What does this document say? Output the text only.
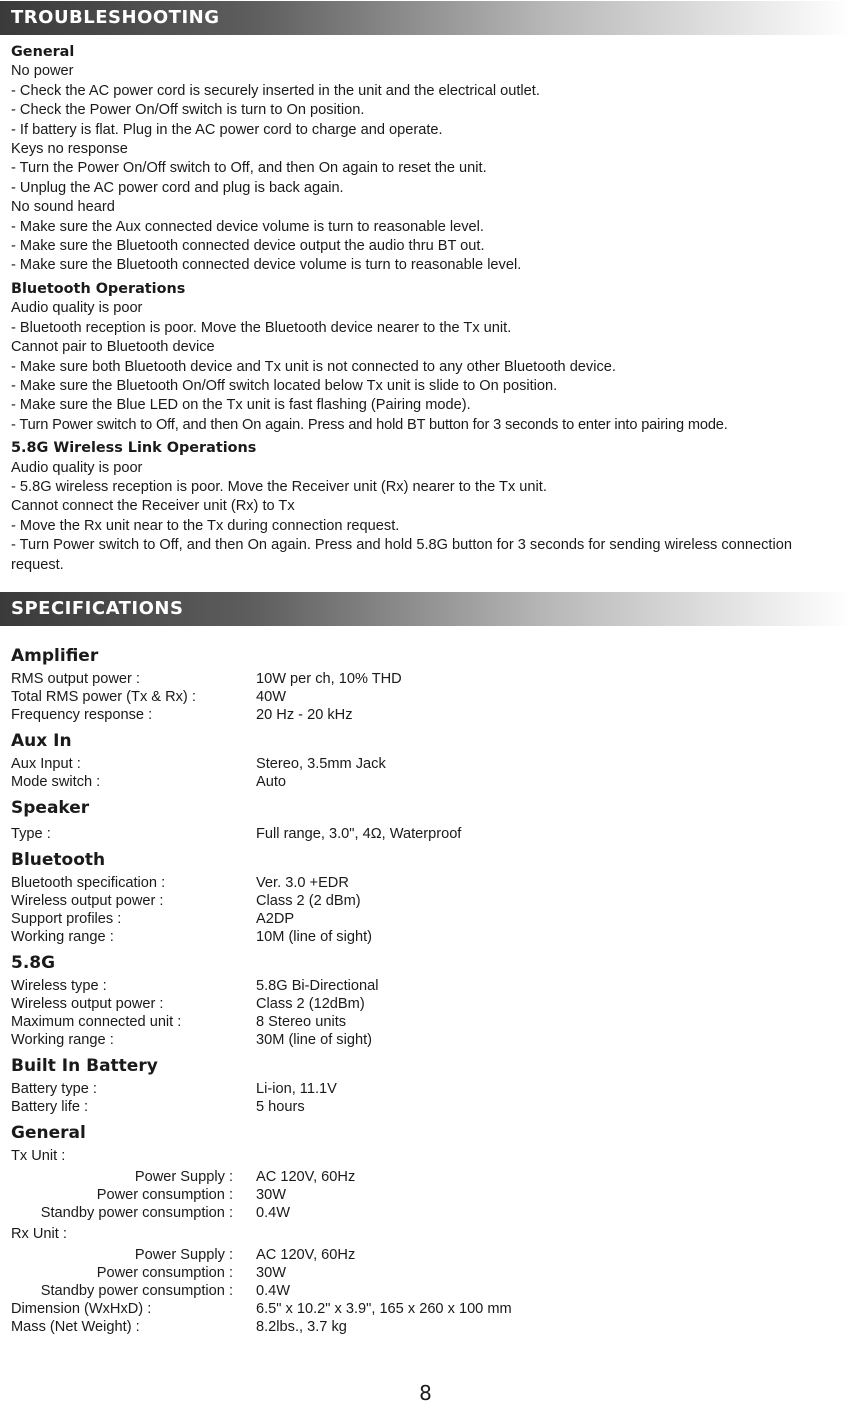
TROUBLESHOOTING
General
No power
- Check the AC power cord is securely inserted in the unit and the electrical outlet.
- Check the Power On/Off switch is turn to On position.
- If battery is flat. Plug in the AC power cord to charge and operate.
Keys no response
- Turn the Power On/Off switch to Off, and then On again to reset the unit.
- Unplug the AC power cord and plug is back again.
No sound heard
- Make sure the Aux connected device volume is turn to reasonable level.
- Make sure the Bluetooth connected device output the audio thru BT out.
- Make sure the Bluetooth connected device volume is turn to reasonable level.
Bluetooth Operations
Audio quality is poor
- Bluetooth reception is poor. Move the Bluetooth device nearer to the Tx unit.
Cannot pair to Bluetooth device
- Make sure both Bluetooth device and Tx unit is not connected to any other Bluetooth device.
- Make sure the Bluetooth On/Off switch located below Tx unit is slide to On position.
- Make sure the Blue LED on the Tx unit is fast flashing (Pairing mode).
- Turn Power switch to Off, and then On again. Press and hold BT button for 3 seconds to enter into pairing mode.
5.8G Wireless Link Operations
Audio quality is poor
- 5.8G wireless reception is poor. Move the Receiver unit (Rx) nearer to the Tx unit.
Cannot connect the Receiver unit (Rx) to Tx
- Move the Rx unit near to the Tx during connection request.
- Turn Power switch to Off, and then On again. Press and hold 5.8G button for 3 seconds for sending wireless connection request.
SPECIFICATIONS
Amplifier
RMS output power :	10W per ch, 10% THD
Total RMS power (Tx & Rx) :	40W
Frequency response :	20 Hz - 20 kHz
Aux In
Aux Input :	Stereo, 3.5mm Jack
Mode switch :	Auto
Speaker
Type :	Full range, 3.0", 4Ω, Waterproof
Bluetooth
Bluetooth specification :	Ver. 3.0 +EDR
Wireless output power :	Class 2 (2 dBm)
Support profiles :	A2DP
Working range :	10M (line of sight)
5.8G
Wireless type :	5.8G Bi-Directional
Wireless output power :	Class 2 (12dBm)
Maximum connected unit :	8 Stereo units
Working range :	30M (line of sight)
Built In Battery
Battery type :	Li-ion, 11.1V
Battery life :	5 hours
General
Tx Unit :
Power Supply :	AC 120V, 60Hz
Power consumption :	30W
Standby power consumption :	0.4W
Rx Unit :
Power Supply :	AC 120V, 60Hz
Power consumption :	30W
Standby power consumption :	0.4W
Dimension (WxHxD) :	6.5" x 10.2" x 3.9", 165 x 260 x 100 mm
Mass (Net Weight) :	8.2lbs., 3.7 kg
8
